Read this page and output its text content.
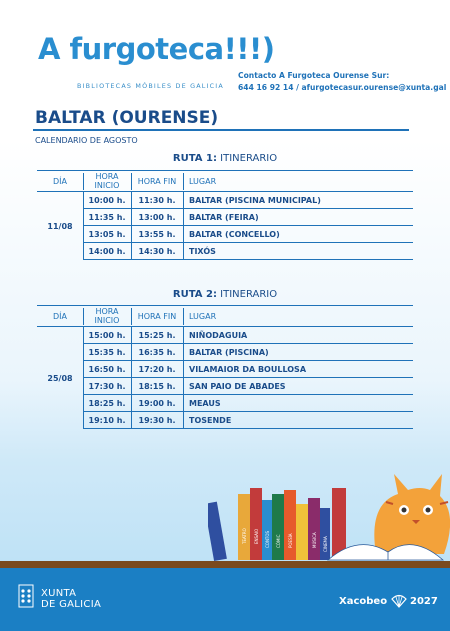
A furgoteca!!!)
BIBLIOTECAS MÓBILES DE GALICIA
Contacto A Furgoteca Ourense Sur:
644 16 92 14 / afurgotecasur.ourense@xunta.gal
BALTAR (OURENSE)
CALENDARIO DE AGOSTO
RUTA 1: ITINERARIO
DÍA	HORA INICIO	HORA FIN	LUGAR
11/08
10:00 h.	11:30 h.	BALTAR (PISCINA MUNICIPAL)
11:35 h.	13:00 h.	BALTAR (FEIRA)
13:05 h.	13:55 h.	BALTAR (CONCELLO)
14:00 h.	14:30 h.	TIXÓS
RUTA 2: ITINERARIO
DÍA	HORA INICIO	HORA FIN	LUGAR
25/08
15:00 h.	15:25 h.	NIÑODAGUIA
15:35 h.	16:35 h.	BALTAR (PISCINA)
16:50 h.	17:20 h.	VILAMAIOR DA BOULLOSA
17:30 h.	18:15 h.	SAN PAIO DE ABADES
18:25 h.	19:00 h.	MEAUS
19:10 h.	19:30 h.	TOSENDE
TEATRO ENSAIO CONTOS CÓMIC POESÍA	MÚSICA CINEMA
XUNTA
DE GALICIA	Xacobeo 2027
